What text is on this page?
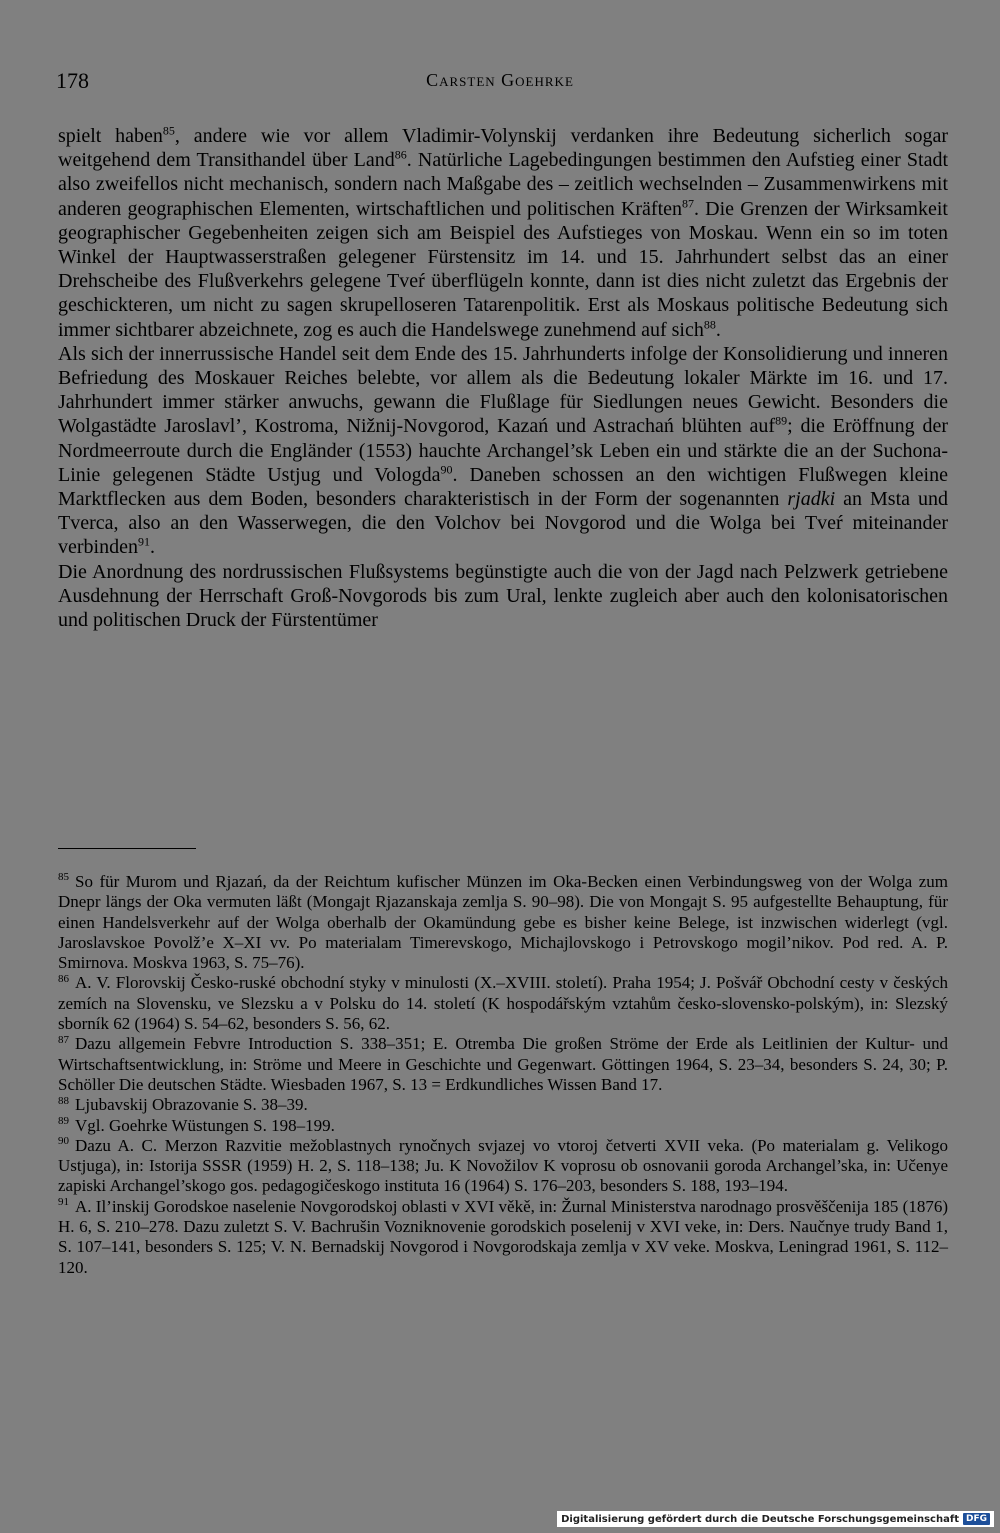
178	Carsten Goehrke

spielt haben$^{85}$, andere wie vor allem Vladimir-Volynskij verdanken ihre Bedeutung sicherlich sogar weitgehend dem Transithandel über Land$^{86}$. Natürliche Lagebedingungen bestimmen den Aufstieg einer Stadt also zweifellos nicht mechanisch, sondern nach Maßgabe des – zeitlich wechselnden – Zusammenwirkens mit anderen geographischen Elementen, wirtschaftlichen und politischen Kräften$^{87}$. Die Grenzen der Wirksamkeit geographischer Gegebenheiten zeigen sich am Beispiel des Aufstieges von Moskau. Wenn ein so im toten Winkel der Hauptwasserstraßen gelegener Fürstensitz im 14. und 15. Jahrhundert selbst das an einer Drehscheibe des Flußverkehrs gelegene Tveŕ überflügeln konnte, dann ist dies nicht zuletzt das Ergebnis der geschickteren, um nicht zu sagen skrupelloseren Tatarenpolitik. Erst als Moskaus politische Bedeutung sich immer sichtbarer abzeichnete, zog es auch die Handelswege zunehmend auf sich$^{88}$.

Als sich der innerrussische Handel seit dem Ende des 15. Jahrhunderts infolge der Konsolidierung und inneren Befriedung des Moskauer Reiches belebte, vor allem als die Bedeutung lokaler Märkte im 16. und 17. Jahrhundert immer stärker anwuchs, gewann die Flußlage für Siedlungen neues Gewicht. Besonders die Wolgastädte Jaroslavl’, Kostroma, Nižnij-Novgorod, Kazań und Astrachań blühten auf$^{89}$; die Eröffnung der Nordmeerroute durch die Engländer (1553) hauchte Archangel’sk Leben ein und stärkte die an der Suchona-Linie gelegenen Städte Ustjug und Vologda$^{90}$. Daneben schossen an den wichtigen Flußwegen kleine Marktflecken aus dem Boden, besonders charakteristisch in der Form der sogenannten rjadki an Msta und Tverca, also an den Wasserwegen, die den Volchov bei Novgorod und die Wolga bei Tveŕ miteinander verbinden$^{91}$.

Die Anordnung des nordrussischen Flußsystems begünstigte auch die von der Jagd nach Pelzwerk getriebene Ausdehnung der Herrschaft Groß-Novgorods bis zum Ural, lenkte zugleich aber auch den kolonisatorischen und politischen Druck der Fürstentümer

$^{85}$ So für Murom und Rjazań, da der Reichtum kufischer Münzen im Oka-Becken einen Verbindungsweg von der Wolga zum Dnepr längs der Oka vermuten läßt (Mongajt Rjazanskaja zemlja S. 90–98). Die von Mongajt S. 95 aufgestellte Behauptung, für einen Handelsverkehr auf der Wolga oberhalb der Okamündung gebe es bisher keine Belege, ist inzwischen widerlegt (vgl. Jaroslavskoe Povolž’e X–XI vv. Po materialam Timerevskogo, Michajlovskogo i Petrovskogo mogil’nikov. Pod red. A. P. Smirnova. Moskva 1963, S. 75–76).

$^{86}$ A. V. Florovskij Česko-ruské obchodní styky v minulosti (X.–XVIII. století). Praha 1954; J. Pošvář Obchodní cesty v českých zemích na Slovensku, ve Slezsku a v Polsku do 14. století (K hospodářským vztahům česko-slovensko-polským), in: Slezský sborník 62 (1964) S. 54–62, besonders S. 56, 62.

$^{87}$ Dazu allgemein Febvre Introduction S. 338–351; E. Otremba Die großen Ströme der Erde als Leitlinien der Kultur- und Wirtschaftsentwicklung, in: Ströme und Meere in Geschichte und Gegenwart. Göttingen 1964, S. 23–34, besonders S. 24, 30; P. Schöller Die deutschen Städte. Wiesbaden 1967, S. 13 = Erdkundliches Wissen Band 17.

$^{88}$ Ljubavskij Obrazovanie S. 38–39.

$^{89}$ Vgl. Goehrke Wüstungen S. 198–199.

$^{90}$ Dazu A. C. Merzon Razvitie mežoblastnych rynočnych svjazej vo vtoroj četverti XVII veka. (Po materialam g. Velikogo Ustjuga), in: Istorija SSSR (1959) H. 2, S. 118–138; Ju. K Novožilov K voprosu ob osnovanii goroda Archangel’ska, in: Učenye zapiski Archangel’skogo gos. pedagogičeskogo instituta 16 (1964) S. 176–203, besonders S. 188, 193–194.

$^{91}$ A. Il’inskij Gorodskoe naselenie Novgorodskoj oblasti v XVI věkě, in: Žurnal Ministerstva narodnago prosvěščenija 185 (1876) H. 6, S. 210–278. Dazu zuletzt S. V. Bachrušin Vozniknovenie gorodskich poselenij v XVI veke, in: Ders. Naučnye trudy Band 1, S. 107–141, besonders S. 125; V. N. Bernadskij Novgorod i Novgorodskaja zemlja v XV veke. Moskva, Leningrad 1961, S. 112–120.

Digitalisierung gefördert durch die Deutsche Forschungsgemeinschaft DFG
